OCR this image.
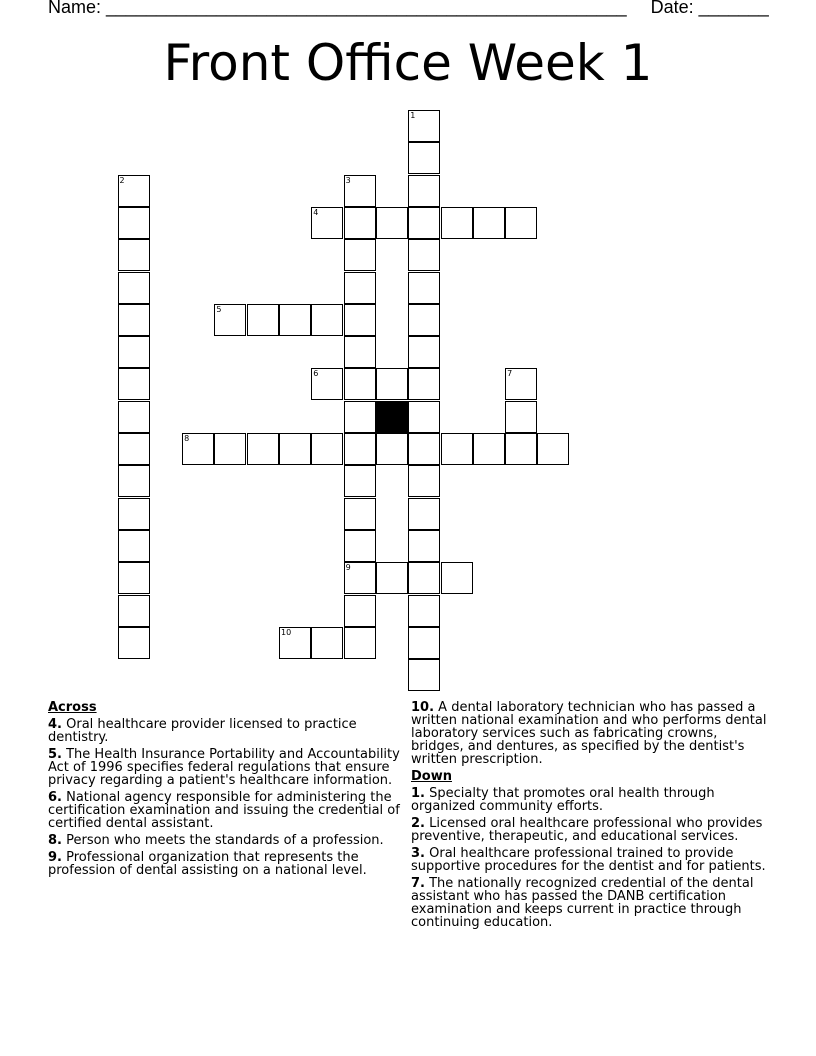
Name: ____________________________________________________ Date: _______
Front Office Week 1
1
2	3
9
4
5
6	7
8
10
Across
4. Oral healthcare provider licensed to practice dentistry.
5. The Health Insurance Portability and Accountability Act of 1996 specifies federal regulations that ensure privacy regarding a patient's healthcare information.
6. National agency responsible for administering the certification examination and issuing the credential of certified dental assistant.
8. Person who meets the standards of a profession.
9. Professional organization that represents the profession of dental assisting on a national level.
10. A dental laboratory technician who has passed a written national examination and who performs dental laboratory services such as fabricating crowns, bridges, and dentures, as specified by the dentist's written prescription.
Down
1. Specialty that promotes oral health through organized community efforts.
2. Licensed oral healthcare professional who provides preventive, therapeutic, and educational services.
3. Oral healthcare professional trained to provide supportive procedures for the dentist and for patients.
7. The nationally recognized credential of the dental assistant who has passed the DANB certification examination and keeps current in practice through continuing education.
